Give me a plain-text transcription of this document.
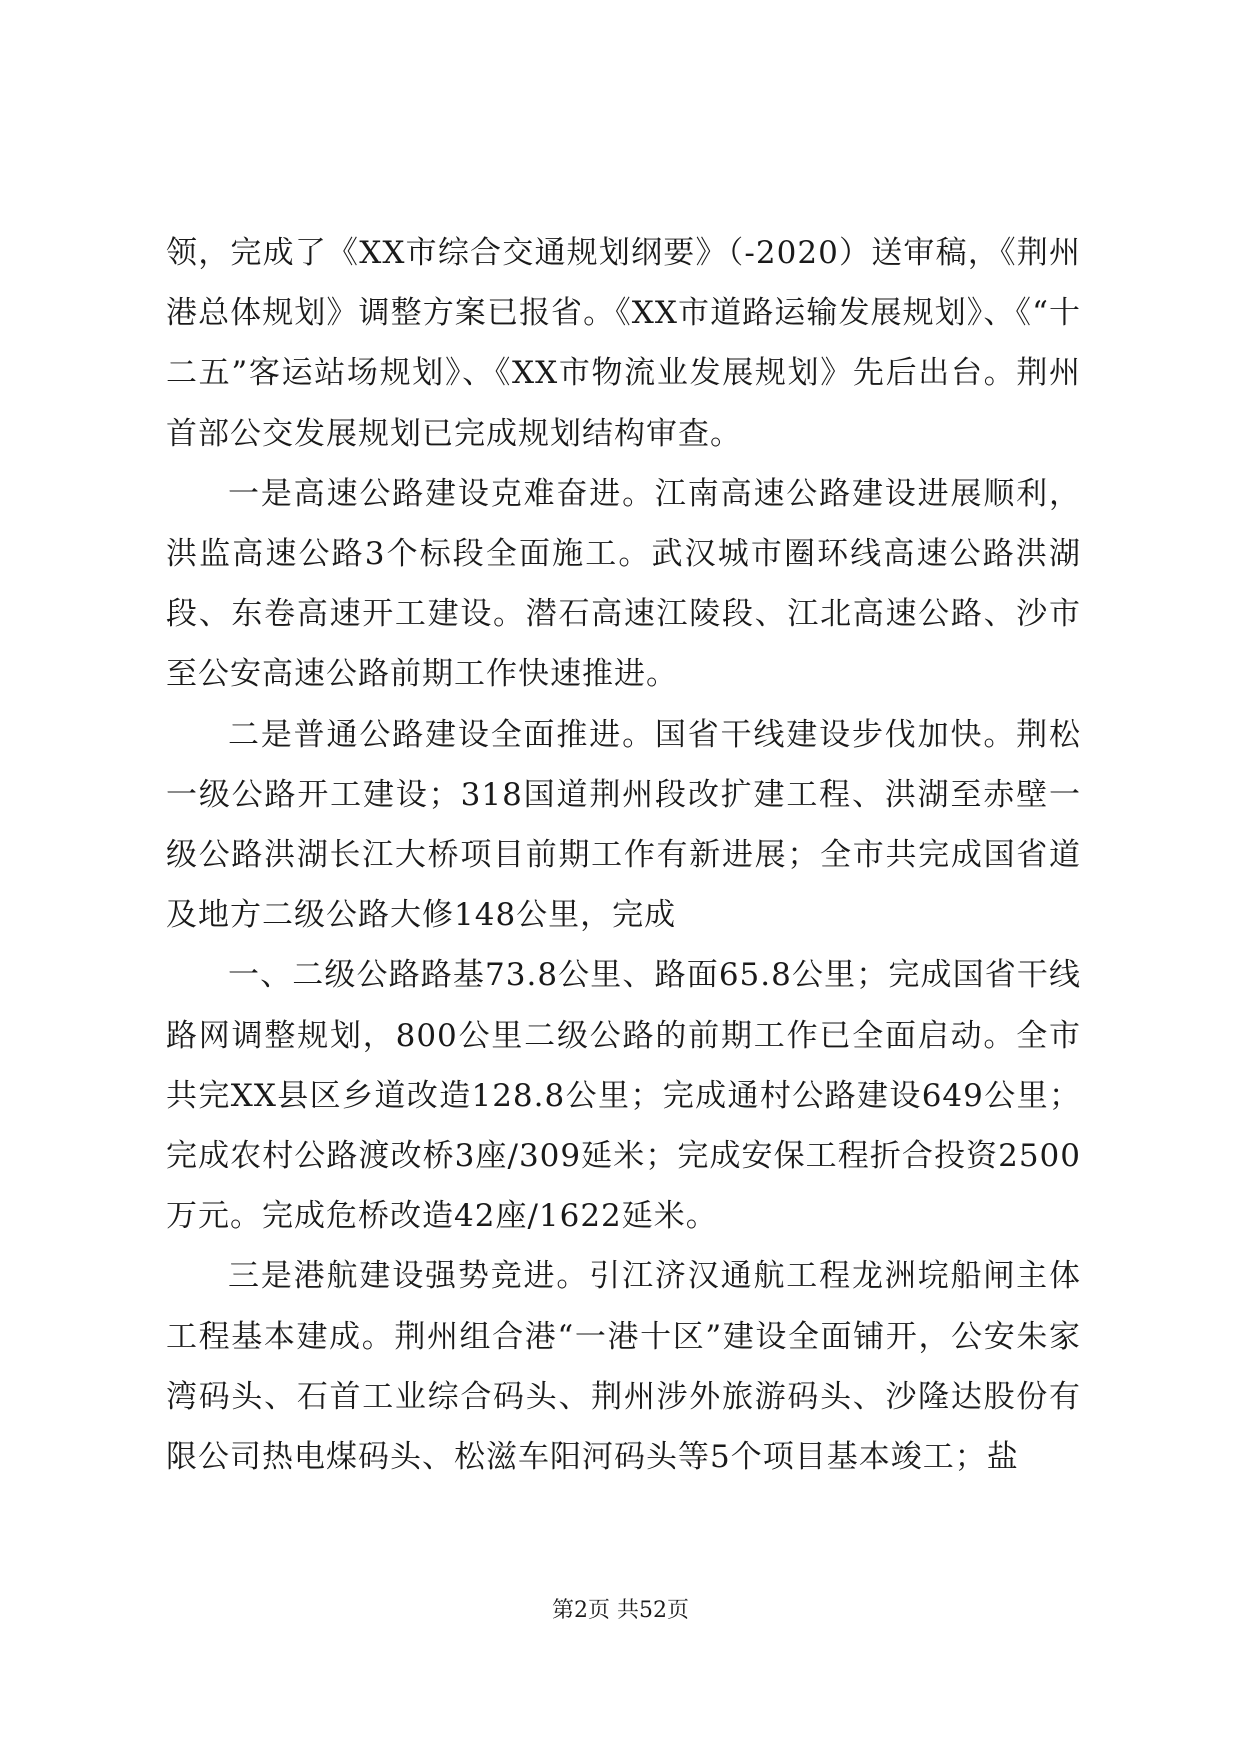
领，完成了《XX市综合交通规划纲要》（-2020）送审稿，《荆州港总体规划》调整方案已报省。《XX市道路运输发展规划》、《“十二五”客运站场规划》、《XX市物流业发展规划》先后出台。荆州首部公交发展规划已完成规划结构审查。

一是高速公路建设克难奋进。江南高速公路建设进展顺利，洪监高速公路3个标段全面施工。武汉城市圈环线高速公路洪湖段、东卷高速开工建设。潜石高速江陵段、江北高速公路、沙市至公安高速公路前期工作快速推进。

二是普通公路建设全面推进。国省干线建设步伐加快。荆松一级公路开工建设；318国道荆州段改扩建工程、洪湖至赤壁一级公路洪湖长江大桥项目前期工作有新进展；全市共完成国省道及地方二级公路大修148公里，完成

一、二级公路路基73.8公里、路面65.8公里；完成国省干线路网调整规划，800公里二级公路的前期工作已全面启动。全市共完XX县区乡道改造128.8公里；完成通村公路建设649公里；完成农村公路渡改桥3座/309延米；完成安保工程折合投资2500万元。完成危桥改造42座/1622延米。

三是港航建设强势竞进。引江济汉通航工程龙洲垸船闸主体工程基本建成。荆州组合港“一港十区”建设全面铺开，公安朱家湾码头、石首工业综合码头、荆州涉外旅游码头、沙隆达股份有限公司热电煤码头、松滋车阳河码头等5个项目基本竣工；盐

第2页 共52页
